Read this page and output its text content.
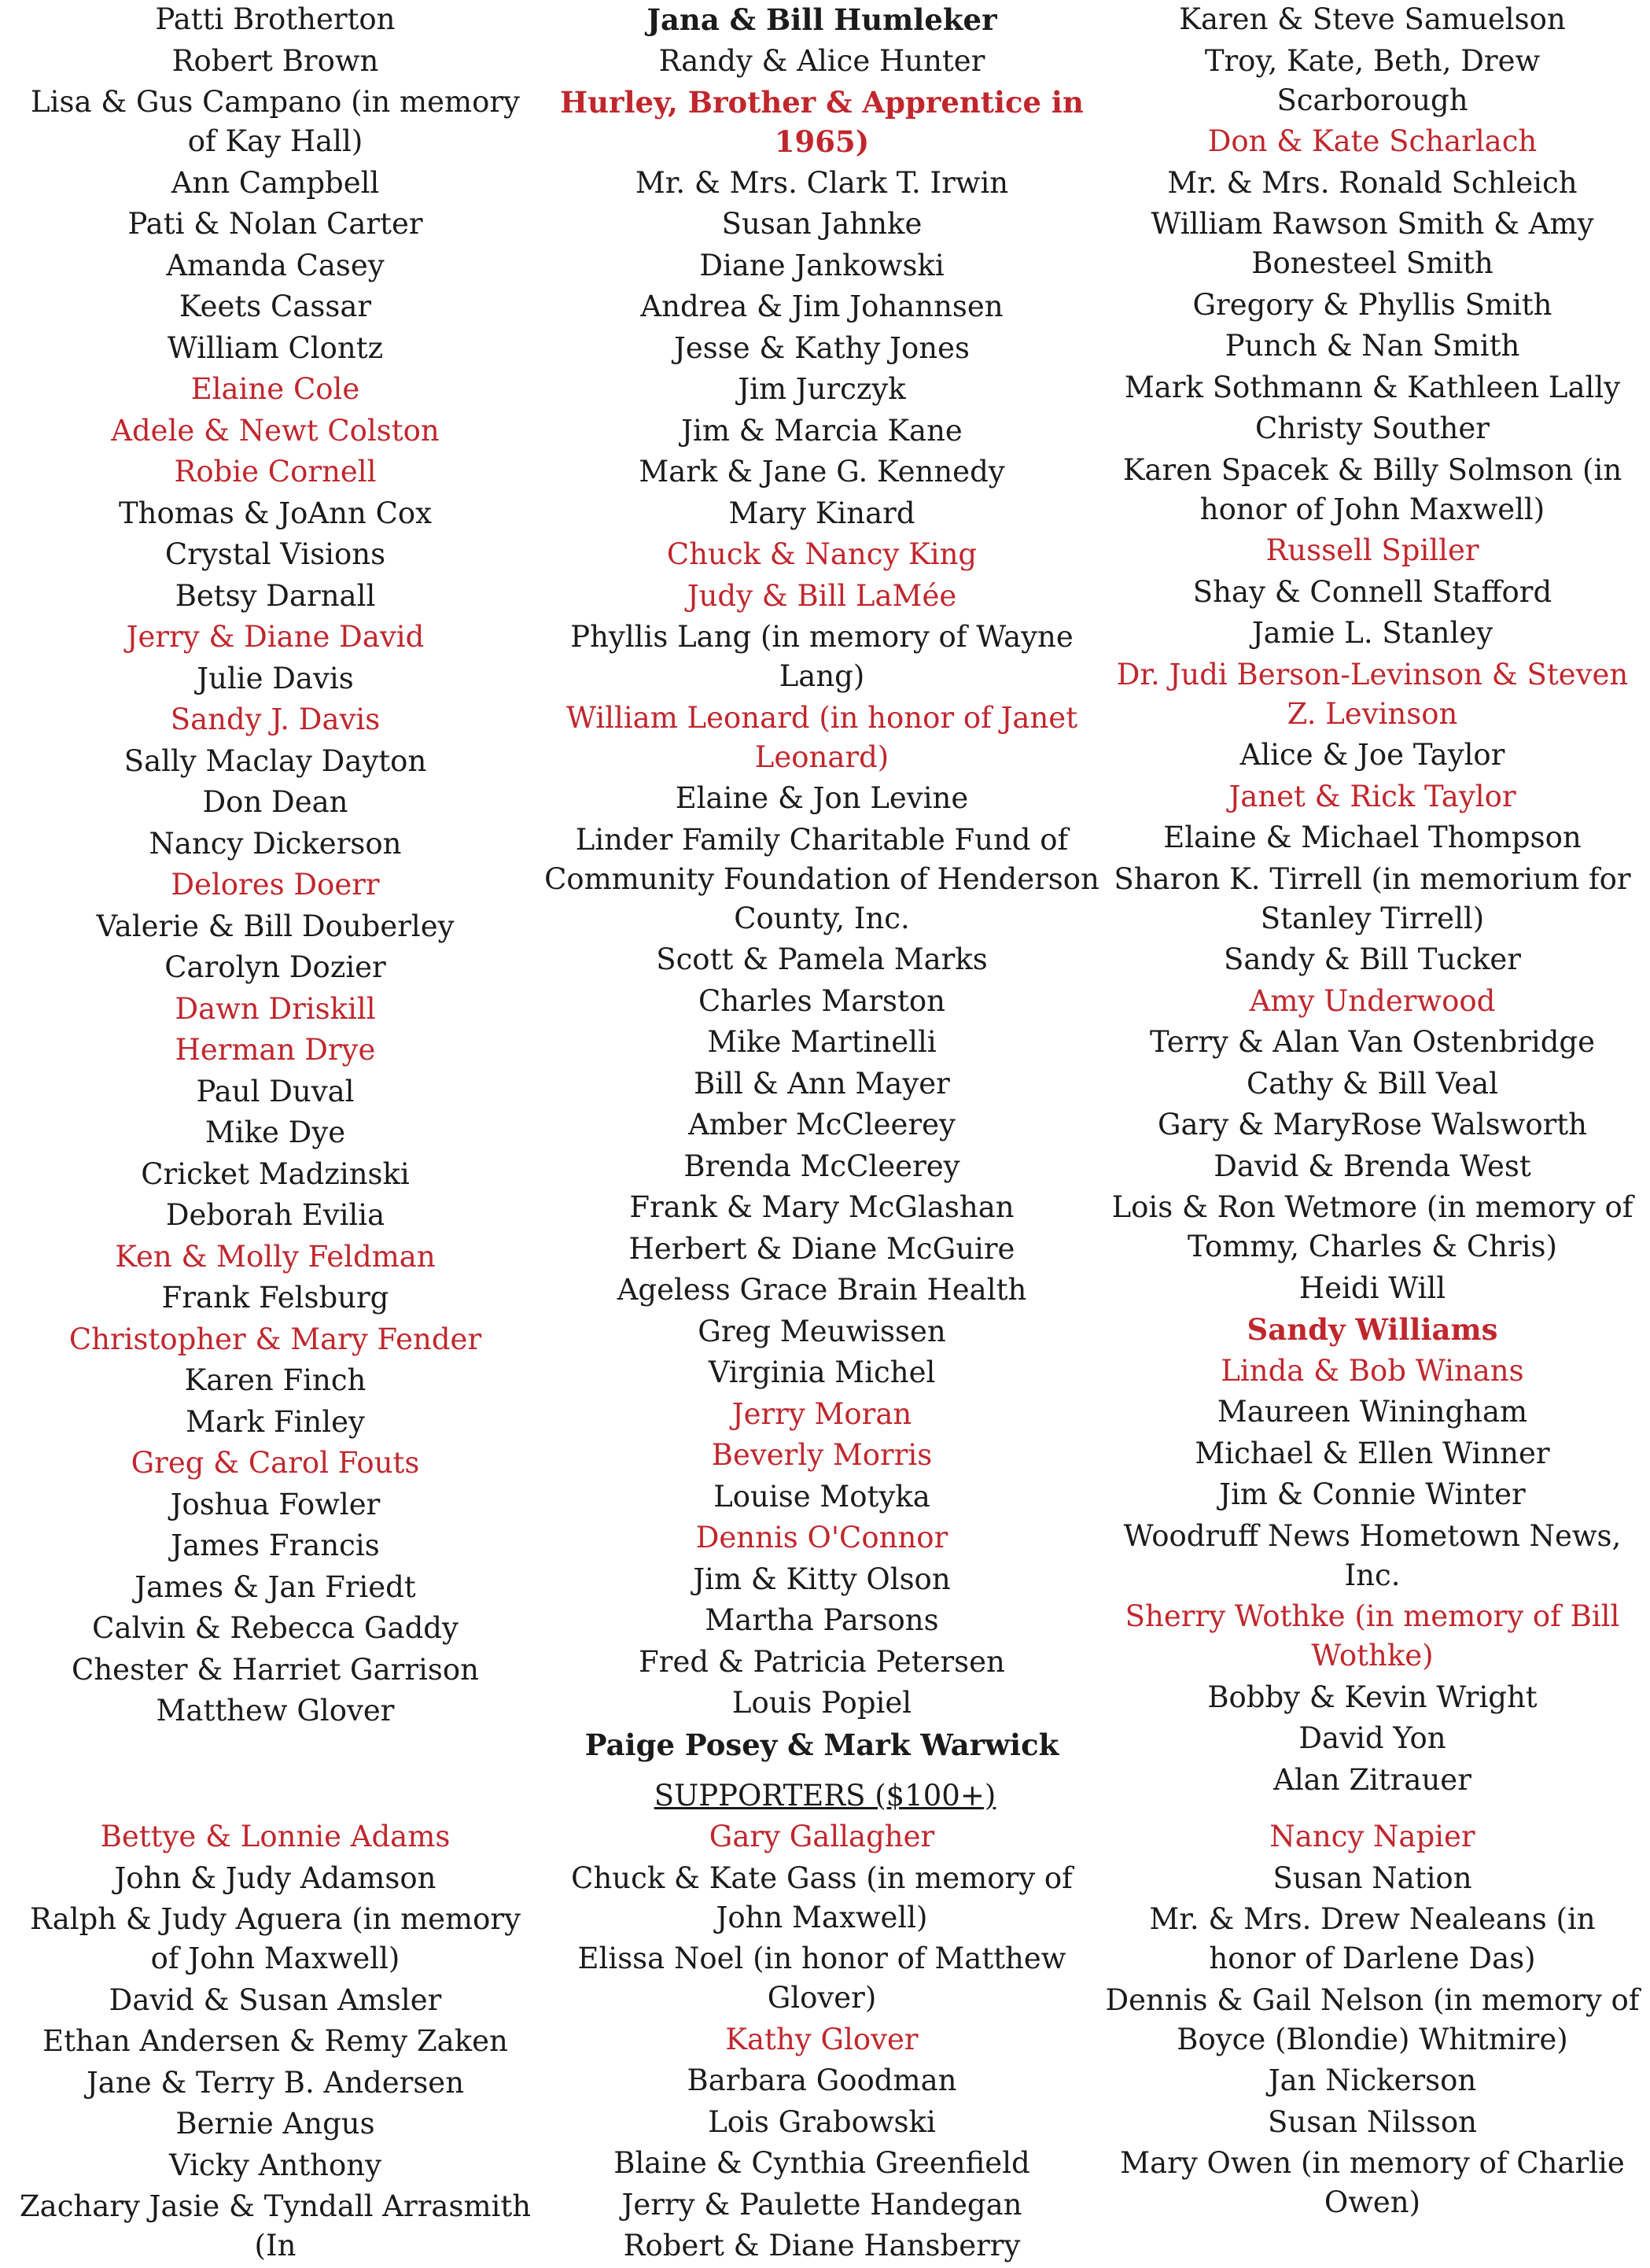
Patti Brotherton
Robert Brown
Lisa & Gus Campano (in memory of Kay Hall)
Ann Campbell
Pati & Nolan Carter
Amanda Casey
Keets Cassar
William Clontz
Elaine Cole
Adele & Newt Colston
Robie Cornell
Thomas & JoAnn Cox
Crystal Visions
Betsy Darnall
Jerry & Diane David
Julie Davis
Sandy J. Davis
Sally Maclay Dayton
Don Dean
Nancy Dickerson
Delores Doerr
Valerie & Bill Douberley
Carolyn Dozier
Dawn Driskill
Herman Drye
Paul Duval
Mike Dye
Cricket Madzinski
Deborah Evilia
Ken & Molly Feldman
Frank Felsburg
Christopher & Mary Fender
Karen Finch
Mark Finley
Greg & Carol Fouts
Joshua Fowler
James Francis
James & Jan Friedt
Calvin & Rebecca Gaddy
Chester & Harriet Garrison
Matthew Glover
Jana & Bill Humleker
Randy & Alice Hunter
Hurley, Brother & Apprentice in 1965)
Mr. & Mrs. Clark T. Irwin
Susan Jahnke
Diane Jankowski
Andrea & Jim Johannsen
Jesse & Kathy Jones
Jim Jurczyk
Jim & Marcia Kane
Mark & Jane G. Kennedy
Mary Kinard
Chuck & Nancy King
Judy & Bill LaMée
Phyllis Lang (in memory of Wayne Lang)
William Leonard (in honor of Janet Leonard)
Elaine & Jon Levine
Linder Family Charitable Fund of Community Foundation of Henderson County, Inc.
Scott & Pamela Marks
Charles Marston
Mike Martinelli
Bill & Ann Mayer
Amber McCleerey
Brenda McCleerey
Frank & Mary McGlashan
Herbert & Diane McGuire
Ageless Grace Brain Health
Greg Meuwissen
Virginia Michel
Jerry Moran
Beverly Morris
Louise Motyka
Dennis O'Connor
Jim & Kitty Olson
Martha Parsons
Fred & Patricia Petersen
Louis Popiel
Paige Posey & Mark Warwick
Karen & Steve Samuelson
Troy, Kate, Beth, Drew Scarborough
Don & Kate Scharlach
Mr. & Mrs. Ronald Schleich
William Rawson Smith & Amy Bonesteel Smith
Gregory & Phyllis Smith
Punch & Nan Smith
Mark Sothmann & Kathleen Lally
Christy Souther
Karen Spacek & Billy Solmson (in honor of John Maxwell)
Russell Spiller
Shay & Connell Stafford
Jamie L. Stanley
Dr. Judi Berson-Levinson & Steven Z. Levinson
Alice & Joe Taylor
Janet & Rick Taylor
Elaine & Michael Thompson
Sharon K. Tirrell (in memorium for Stanley Tirrell)
Sandy & Bill Tucker
Amy Underwood
Terry & Alan Van Ostenbridge
Cathy & Bill Veal
Gary & MaryRose Walsworth
David & Brenda West
Lois & Ron Wetmore (in memory of Tommy, Charles & Chris)
Heidi Will
Sandy Williams
Linda & Bob Winans
Maureen Winingham
Michael & Ellen Winner
Jim & Connie Winter
Woodruff News Hometown News, Inc.
Sherry Wothke (in memory of Bill Wothke)
Bobby & Kevin Wright
David Yon
Alan Zitrauer
SUPPORTERS ($100+)
Bettye & Lonnie Adams
John & Judy Adamson
Ralph & Judy Aguera (in memory of John Maxwell)
David & Susan Amsler
Ethan Andersen & Remy Zaken
Jane & Terry B. Andersen
Bernie Angus
Vicky Anthony
Zachary Jasie & Tyndall Arrasmith (In
Gary Gallagher
Chuck & Kate Gass (in memory of John Maxwell)
Elissa Noel (in honor of Matthew Glover)
Kathy Glover
Barbara Goodman
Lois Grabowski
Blaine & Cynthia Greenfield
Jerry & Paulette Handegan
Robert & Diane Hansberry
Nancy Napier
Susan Nation
Mr. & Mrs. Drew Nealeans (in honor of Darlene Das)
Dennis & Gail Nelson (in memory of Boyce (Blondie) Whitmire)
Jan Nickerson
Susan Nilsson
Mary Owen (in memory of Charlie Owen)
